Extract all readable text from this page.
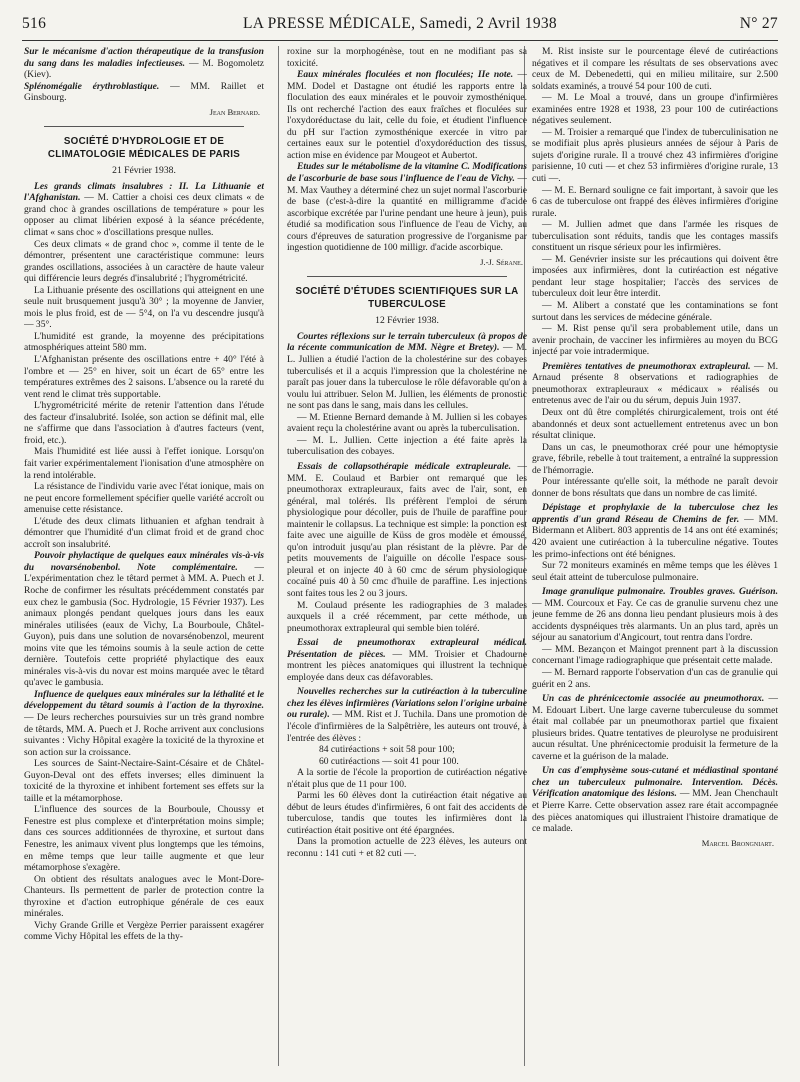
516	LA PRESSE MÉDICALE, Samedi, 2 Avril 1938	N° 27

Sur le mécanisme d'action thérapeutique de la transfusion du sang dans les maladies infectieuses. — M. Bogomoletz (Kiev).

Splénomégalie érythroblastique. — MM. Raillet et Ginsbourg.

Jean Bernard.

SOCIÉTÉ D'HYDROLOGIE ET DE CLIMATOLOGIE MÉDICALES DE PARIS

21 Février 1938.

Les grands climats insalubres : II. La Lithuanie et l'Afghanistan. — M. Cattier a choisi ces deux climats « de grand choc à grandes oscillations de température » pour les opposer au climat libérien exposé à la séance précédente, climat « sans choc » d'oscillations presque nulles.

Ces deux climats « de grand choc », comme il tente de le démontrer, présentent une caractéristique commune: leurs grandes oscillations, associées à un caractère de haute valeur qui différencie leurs degrés d'insalubrité ; l'hygrométricité.

La Lithuanie présente des oscillations qui atteignent en une seule nuit brusquement jusqu'à 30° ; la moyenne de Janvier, mois le plus froid, est de — 5°4, on l'a vu descendre jusqu'à — 35°.

L'humidité est grande, la moyenne des précipitations atmosphériques atteint 580 mm.

L'Afghanistan présente des oscillations entre + 40° l'été à l'ombre et — 25° en hiver, soit un écart de 65° entre les températures extrêmes des 2 saisons. L'absence ou la rareté du vent rend le climat très supportable.

L'hygrométricité mérite de retenir l'attention dans l'étude des facteur d'insalubrité. Isolée, son action se définit mal, elle ne s'affirme que dans l'association à d'autres facteurs (vent, froid, etc.).

Mais l'humidité est liée aussi à l'effet ionique. Lorsqu'on fait varier expérimentalement l'ionisation d'une atmosphère on la rend intolérable.

La résistance de l'individu varie avec l'état ionique, mais on ne peut encore formellement spécifier quelle variété accroît ou amenuise cette résistance.

L'étude des deux climats lithuanien et afghan tendrait à démontrer que l'humidité d'un climat froid et de grand choc accroît son insalubrité.

Pouvoir phylactique de quelques eaux minérales vis-à-vis du novarsénobenbol. Note complémentaire. — L'expérimentation chez le têtard permet à MM. A. Puech et J. Roche de confirmer les résultats précédemment constatés par eux chez le gambusia (Soc. Hydrologie, 15 Février 1937). Les animaux plongés pendant quelques jours dans les eaux minérales utilisées (eaux de Vichy, La Bourboule, Châtel-Guyon), puis dans une solution de novarsénobenzol, meurent moins vite que les témoins soumis à la seule action de cette dernière. Toutefois cette propriété phylactique des eaux minérales vis-à-vis du novar est moins marquée avec le têtard qu'avec le gambusia.

Influence de quelques eaux minérales sur la léthalité et le développement du têtard soumis à l'action de la thyroxine. — De leurs recherches poursuivies sur un très grand nombre de têtards, MM. A. Puech et J. Roche arrivent aux conclusions suivantes : Vichy Hôpital exagère la toxicité de la thyroxine et son action sur la croissance.

Les sources de Saint-Nectaire-Saint-Césaire et de Châtel-Guyon-Deval ont des effets inverses; elles diminuent la toxicité de la thyroxine et inhibent fortement ses effets sur la taille et la métamorphose.

L'influence des sources de la Bourboule, Choussy et Fenestre est plus complexe et d'interprétation moins simple; dans ces sources additionnées de thyroxine, et surtout dans Fenestre, les animaux vivent plus longtemps que les témoins, en même temps que leur taille augmente et que leur métamorphose s'exagère.

On obtient des résultats analogues avec le Mont-Dore-Chanteurs. Ils permettent de parler de protection contre la thyroxine et d'action eutrophique générale de ces eaux minérales.

Vichy Grande Grille et Vergèze Perrier paraissent exagérer comme Vichy Hôpital les effets de la thy-

roxine sur la morphogénèse, tout en ne modifiant pas sa toxicité.

Eaux minérales floculées et non floculées; IIe note. — MM. Dodel et Dastagne ont étudié les rapports entre la floculation des eaux minérales et le pouvoir zymosthénique. Ils ont recherché l'action des eaux fraîches et floculées sur l'oxydoréductase du lait, celle du foie, et étudient l'influence du pH sur l'action zymosthénique exercée in vitro par certaines eaux sur le potentiel d'oxydoréduction des tissus, action mise en évidence par Mougeot et Aubertot.

Etudes sur le métabolisme de la vitamine C. Modifications de l'ascorburie de base sous l'influence de l'eau de Vichy. — M. Max Vauthey a déterminé chez un sujet normal l'ascorburie de base (c'est-à-dire la quantité en milligramme d'acide ascorbique excrétée par l'urine pendant une heure à jeun), puis étudié sa modification sous l'influence de l'eau de Vichy, au cours d'épreuves de saturation progressive de l'organisme par ingestion quotidienne de 100 milligr. d'acide ascorbique.

J.-J. Sérane.

SOCIÉTÉ D'ÉTUDES SCIENTIFIQUES SUR LA TUBERCULOSE

12 Février 1938.

Courtes réflexions sur le terrain tuberculeux (à propos de la récente communication de MM. Nègre et Bretey). — M. L. Jullien a étudié l'action de la cholestérine sur des cobayes tuberculisés et il a acquis l'impression que la cholestérine ne paraît pas jouer dans la tuberculose le rôle défavorable qu'on a voulu lui attribuer. Selon M. Jullien, les éléments de pronostic ne sont pas dans le sang, mais dans les cellules.

— M. Etienne Bernard demande à M. Jullien si les cobayes avaient reçu la cholestérine avant ou après la tuberculisation.

— M. L. Jullien. Cette injection a été faite après la tuberculisation des cobayes.

Essais de collapsothérapie médicale extrapleurale. — MM. E. Coulaud et Barbier ont remarqué que les pneumothorax extrapleuraux, faits avec de l'air, sont, en général, mal tolérés. Ils préfèrent l'emploi de sérum physiologique pour décoller, puis de l'huile de paraffine pour maintenir le collapsus. La technique est simple: la ponction est faite avec une aiguille de Küss de gros modèle et émoussé, qu'on introduit jusqu'au plan résistant de la plèvre. Par de petits mouvements de l'aiguille on décolle l'espace sous-pleural et on injecte 40 à 60 cmc de sérum physiologique cocaïné puis 40 à 50 cmc d'huile de paraffine. Les injections sont faites tous les 2 ou 3 jours.

M. Coulaud présente les radiographies de 3 malades auxquels il a créé récemment, par cette méthode, un pneumothorax extrapleural qui semble bien toléré.

Essai de pneumothorax extrapleural médical. Présentation de pièces. — MM. Troisier et Chadourne montrent les pièces anatomiques qui illustrent la technique employée dans deux cas défavorables.

Nouvelles recherches sur la cutiréaction à la tuberculine chez les élèves infirmières (Variations selon l'origine urbaine ou rurale). — MM. Rist et J. Tuchila. Dans une promotion de l'école d'infirmières de la Salpêtrière, les auteurs ont trouvé, à l'entrée des élèves :

84 cutiréactions + soit 58 pour 100;

60 cutiréactions — soit 41 pour 100.

A la sortie de l'école la proportion de cutiréaction négative n'était plus que de 11 pour 100.

Parmi les 60 élèves dont la cutiréaction était négative au début de leurs études d'infirmières, 6 ont fait des accidents de tuberculose, tandis que toutes les infirmières dont la cutiréaction était positive ont été épargnées.

Dans la promotion actuelle de 223 élèves, les auteurs ont reconnu : 141 cuti + et 82 cuti —.

M. Rist insiste sur le pourcentage élevé de cutiréactions négatives et il compare les résultats de ses observations avec ceux de M. Debenedetti, qui en milieu militaire, sur 2.500 soldats examinés, a trouvé 54 pour 100 de cuti.

— M. Le Moal a trouvé, dans un groupe d'infirmières examinées entre 1928 et 1938, 23 pour 100 de cutiréactions négatives seulement.

— M. Troisier a remarqué que l'index de tuberculinisation ne se modifiait plus après plusieurs années de séjour à Paris de sujets d'origine rurale. Il a trouvé chez 43 infirmières d'origine parisienne, 10 cuti — et chez 53 infirmières d'origine rurale, 13 cuti —.

— M. E. Bernard souligne ce fait important, à savoir que les 6 cas de tuberculose ont frappé des élèves infirmières d'origine rurale.

— M. Jullien admet que dans l'armée les risques de tuberculisation sont réduits, tandis que les contages massifs constituent un risque sérieux pour les infirmières.

— M. Genévrier insiste sur les précautions qui doivent être imposées aux infirmières, dont la cutiréaction est négative pendant leur stage hospitalier; l'accès des services de tuberculeux doit leur être interdit.

— M. Alibert a constaté que les contaminations se font surtout dans les services de médecine générale.

— M. Rist pense qu'il sera probablement utile, dans un avenir prochain, de vacciner les infirmières au moyen du BCG injecté par voie intradermique.

Premières tentatives de pneumothorax extrapleural. — M. Arnaud présente 8 observations et radiographies de pneumothorax extrapleuraux « médicaux » réalisés ou entretenus avec de l'air ou du sérum, depuis Juin 1937.

Deux ont dû être complétés chirurgicalement, trois ont été abandonnés et deux sont actuellement entretenus avec un bon résultat clinique.

Dans un cas, le pneumothorax créé pour une hémoptysie grave, fébrile, rebelle à tout traitement, a entraîné la suppression de l'hémorragie.

Pour intéressante qu'elle soit, la méthode ne paraît devoir donner de bons résultats que dans un nombre de cas limité.

Dépistage et prophylaxie de la tuberculose chez les apprentis d'un grand Réseau de Chemins de fer. — MM. Bidermann et Alibert. 803 apprentis de 14 ans ont été examinés; 420 avaient une cutiréaction à la tuberculine négative. Toutes les primo-infections ont été bénignes.

Sur 72 moniteurs examinés en même temps que les élèves 1 seul était atteint de tuberculose pulmonaire.

Image granulique pulmonaire. Troubles graves. Guérison. — MM. Courcoux et Fay. Ce cas de granulie survenu chez une jeune femme de 26 ans donna lieu pendant plusieurs mois à des accidents dyspnéiques très alarmants. Un an plus tard, après un séjour au sanatorium d'Angicourt, tout rentra dans l'ordre.

— MM. Bezançon et Maingot prennent part à la discussion concernant l'image radiographique que présentait cette malade.

— M. Bernard rapporte l'observation d'un cas de granulie qui guérit en 2 ans.

Un cas de phrénicectomie associée au pneumothorax. — M. Edouart Libert. Une large caverne tuberculeuse du sommet était mal collabée par un pneumothorax partiel que fixaient plusieurs brides. Quatre tentatives de pleurolyse ne produisirent aucun résultat. Une phrénicectomie produisit la fermeture de la caverne et la guérison de la malade.

Un cas d'emphysème sous-cutané et médiastinal spontané chez un tuberculeux pulmonaire. Intervention. Décès. Vérification anatomique des lésions. — MM. Jean Chenchault et Pierre Karre. Cette observation assez rare était accompagnée des pièces anatomiques qui illustraient l'histoire dramatique de ce malade.

Marcel Brongniart.
